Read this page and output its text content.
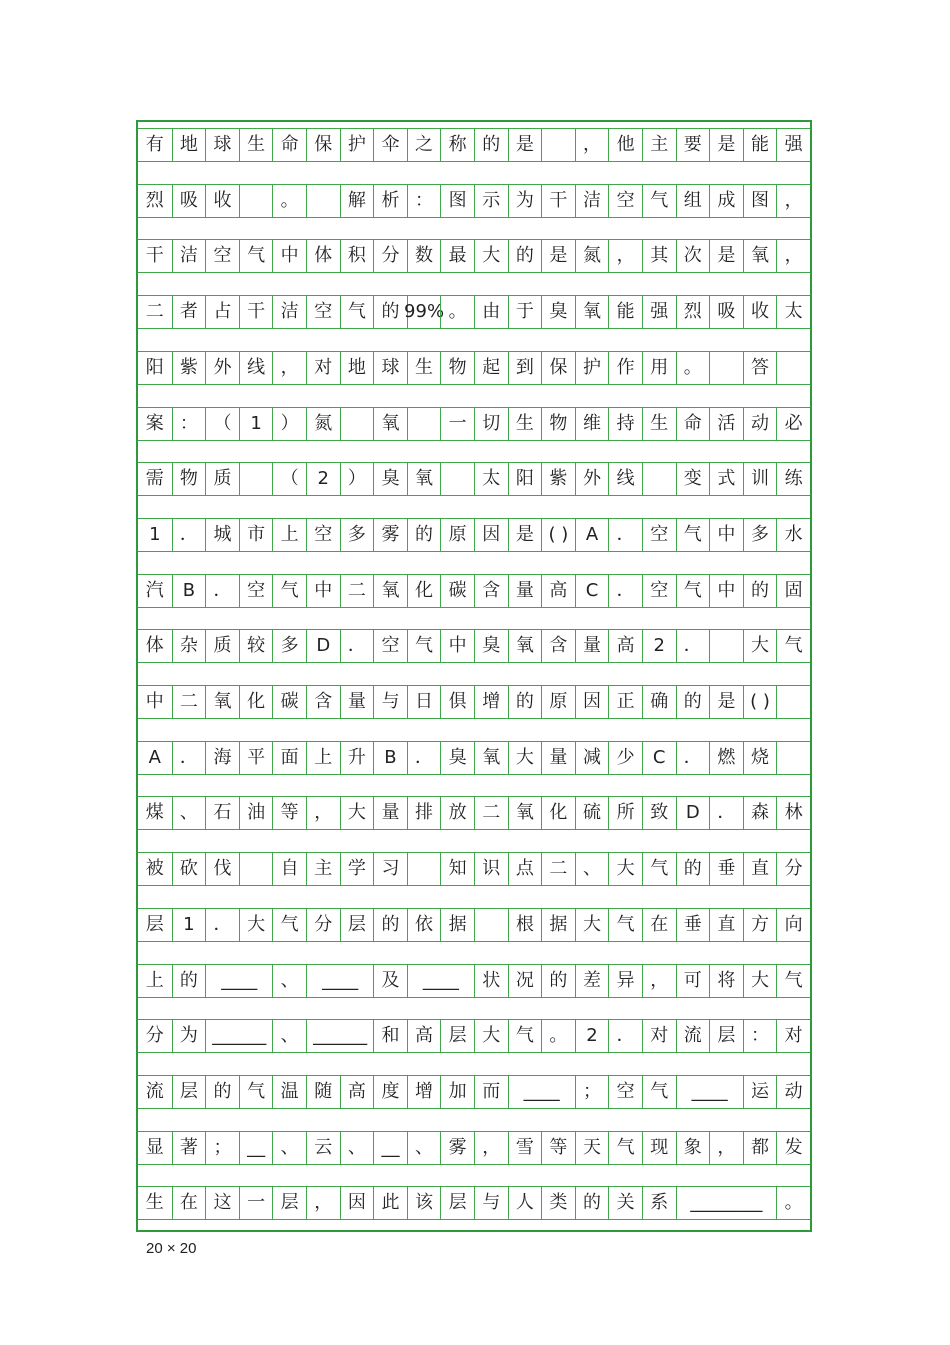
有 地 球 生 命 保 护 伞 之 称 的 是	， 他 主 要 是 能 强
烈 吸 收	。	解 析 ： 图 示 为 干 洁 空 气 组 成 图 ，
干 洁 空 气 中 体 积 分 数 最 大 的 是 氮 ， 其 次 是 氧 ，
二 者 占 干 洁 空 气 的 99% 。 由 于 臭 氧 能 强 烈 吸 收 太
阳 紫 外 线 ， 对 地 球 生 物 起 到 保 护 作 用 。	答
案 ： （	1	） 氮	氧	一 切 生 物 维 持 生 命 活 动 必
需 物 质	（	2	） 臭 氧	太 阳 紫 外 线	变 式 训 练
1	． 城 市 上 空 多 雾 的 原 因 是 ( ) A	． 空 气 中 多 水
汽	B	． 空 气 中 二 氧 化 碳 含 量 高	C	． 空 气 中 的 固
体 杂 质 较 多 D ． 空 气 中 臭 氧 含 量 高	2	．	大 气
中 二 氧 化 碳 含 量 与 日 俱 增 的 原 因 正 确 的 是 ( )
A	． 海 平 面 上 升	B	． 臭 氧 大 量 减 少	C	． 燃 烧
煤 、 石 油 等 ， 大 量 排 放 二 氧 化 硫 所 致 D ． 森 林
被 砍 伐	自 主 学 习	知 识 点 二 、 大 气 的 垂 直 分
层	1	． 大 气 分 层 的 依 据	根 据 大 气 在 垂 直 方 向
上 的	____	、	____	及	____	状 况 的 差 异 ， 可 将 大 气
分 为 ______ 、 ______ 和 高 层 大 气 。	2	． 对 流 层 ： 对
流 层 的 气 温 随 高 度 增 加 而	____	； 空 气	____	运 动
显 著 ； __ 、 云 、 __ 、 雾 ， 雪 等 天 气 现 象 ， 都 发
生 在 这 一 层 ， 因 此 该 层 与 人 类 的 关 系	________	。
20 × 20
